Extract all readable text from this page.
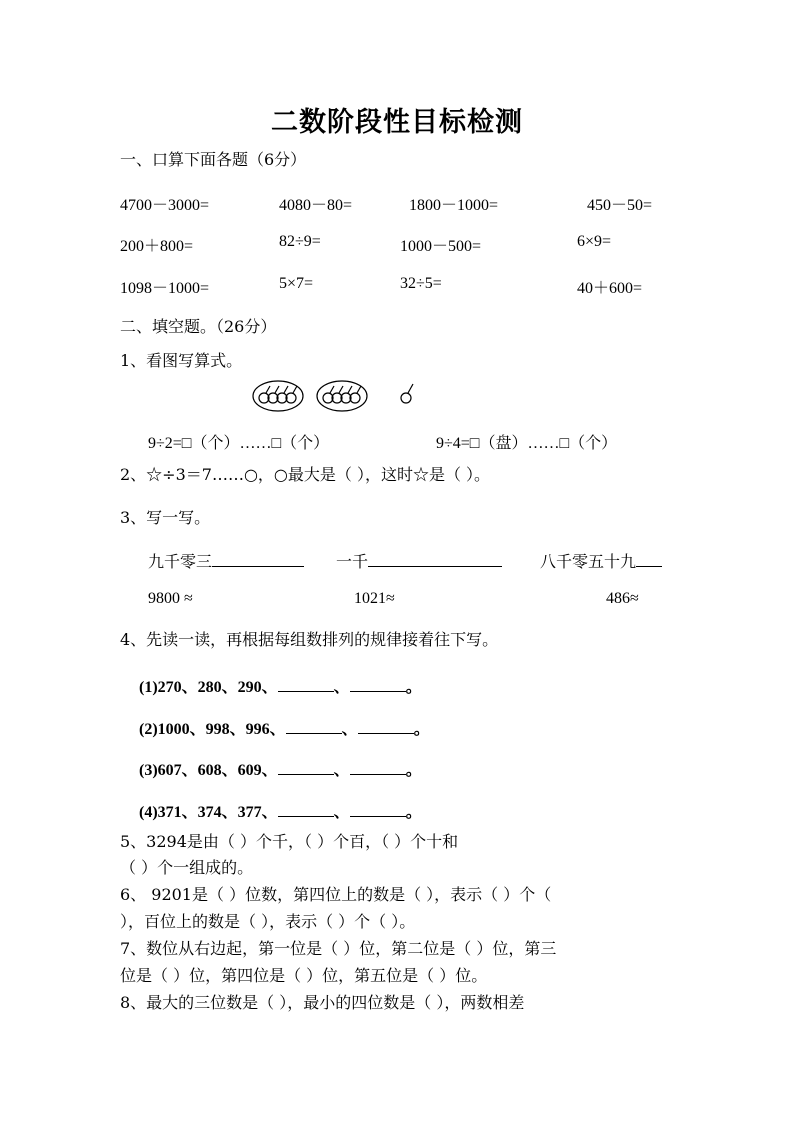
二数阶段性目标检测
一、口算下面各题（6分）
4700－3000=	4080－80=	1800－1000=	450－50=
200＋800=	82÷9=	1000－500=	6×9=
1098－1000=	5×7=	32÷5=	40＋600=
二、填空题。（26分）
1、看图写算式。
9÷2=□（个）……□（个）	9÷4=□（盘）……□（个）
2、☆÷3＝7……○，○最大是（ ），这时☆是（ ）。
3、写一写。
九千零三	一千	八千零五十九
9800 ≈	1021≈	486≈
4、先读一读，再根据每组数排列的规律接着往下写。
(1)270、280、290、	、	。
(2)1000、998、996、	、	。
(3)607、608、609、	、	。
(4)371、374、377、	、	。
5、3294是由（ ）个千，（ ）个百，（ ）个十和
（ ）个一组成的。
6、 9201是（ ）位数，第四位上的数是（ ），表示（ ）个（
），百位上的数是（ ），表示（ ）个（ ）。
7、数位从右边起，第一位是（ ）位，第二位是（ ）位，第三
位是（ ）位，第四位是（ ）位，第五位是（ ）位。
8、最大的三位数是（ ），最小的四位数是（ ），两数相差
